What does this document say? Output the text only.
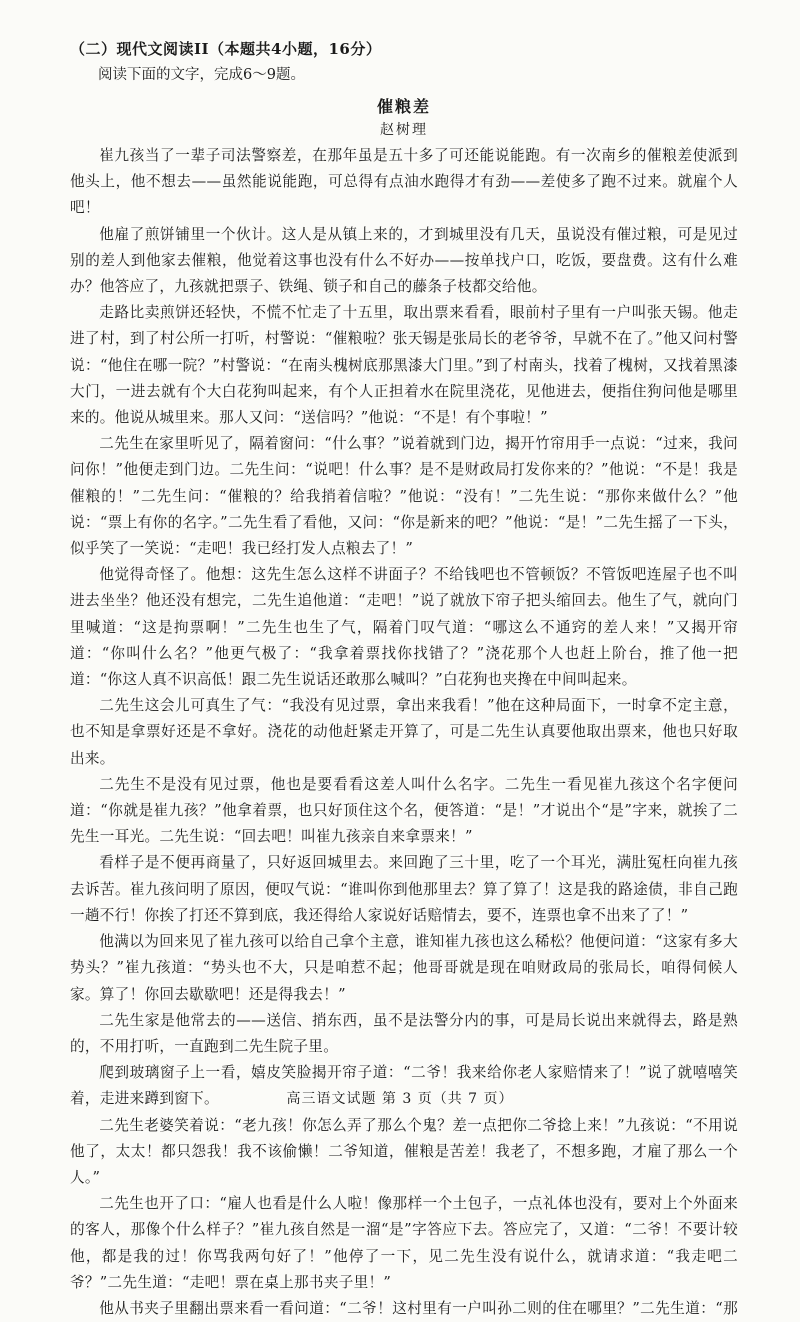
（二）现代文阅读II（本题共4小题，16分）
阅读下面的文字，完成6～9题。
催粮差
赵树理

崔九孩当了一辈子司法警察差，在那年虽是五十多了可还能说能跑。有一次南乡的催粮差使派到他头上，他不想去——虽然能说能跑，可总得有点油水跑得才有劲——差使多了跑不过来。就雇个人吧！

他雇了煎饼铺里一个伙计。这人是从镇上来的，才到城里没有几天，虽说没有催过粮，可是见过别的差人到他家去催粮，他觉着这事也没有什么不好办——按单找户口，吃饭，要盘费。这有什么难办？他答应了，九孩就把票子、铁绳、锁子和自己的藤条子枝都交给他。

走路比卖煎饼还轻快，不慌不忙走了十五里，取出票来看看，眼前村子里有一户叫张天锡。他走进了村，到了村公所一打听，村警说：“催粮啦？张天锡是张局长的老爷爷，早就不在了。”他又问村警说：“他住在哪一院？”村警说：“在南头槐树底那黑漆大门里。”到了村南头，找着了槐树，又找着黑漆大门，一进去就有个大白花狗叫起来，有个人正担着水在院里浇花，见他进去，便指住狗问他是哪里来的。他说从城里来。那人又问：“送信吗？”他说：“不是！有个事啦！”

二先生在家里听见了，隔着窗问：“什么事？”说着就到门边，揭开竹帘用手一点说：“过来，我问问你！”他便走到门边。二先生问：“说吧！什么事？是不是财政局打发你来的？”他说：“不是！我是催粮的！”二先生问：“催粮的？给我捎着信啦？”他说：“没有！”二先生说：“那你来做什么？”他说：“票上有你的名字。”二先生看了看他，又问：“你是新来的吧？”他说：“是！”二先生摇了一下头，似乎笑了一笑说：“走吧！我已经打发人点粮去了！”

他觉得奇怪了。他想：这先生怎么这样不讲面子？不给钱吧也不管顿饭？不管饭吧连屋子也不叫进去坐坐？他还没有想完，二先生追他道：“走吧！”说了就放下帘子把头缩回去。他生了气，就向门里喊道：“这是拘票啊！”二先生也生了气，隔着门叹气道：“哪这么不通窍的差人来！”又揭开帘道：“你叫什么名？”他更气极了：“我拿着票找你找错了？”浇花那个人也赶上阶台，推了他一把道：“你这人真不识高低！跟二先生说话还敢那么喊叫？”白花狗也夹搀在中间叫起来。

二先生这会儿可真生了气：“我没有见过票，拿出来我看！”他在这种局面下，一时拿不定主意，也不知是拿票好还是不拿好。浇花的动他赶紧走开算了，可是二先生认真要他取出票来，他也只好取出来。

二先生不是没有见过票，他也是要看看这差人叫什么名字。二先生一看见崔九孩这个名字便问道：“你就是崔九孩？”他拿着票，也只好顶住这个名，便答道：“是！”才说出个“是”字来，就挨了二先生一耳光。二先生说：“回去吧！叫崔九孩亲自来拿票来！”

看样子是不便再商量了，只好返回城里去。来回跑了三十里，吃了一个耳光，满肚冤枉向崔九孩去诉苦。崔九孩问明了原因，便叹气说：“谁叫你到他那里去？算了算了！这是我的路途债，非自己跑一趟不行！你挨了打还不算到底，我还得给人家说好话赔情去，要不，连票也拿不出来了了！”

他满以为回来见了崔九孩可以给自己拿个主意，谁知崔九孩也这么稀松？他便问道：“这家有多大势头？”崔九孩道：“势头也不大，只是咱惹不起；他哥哥就是现在咱财政局的张局长，咱得伺候人家。算了！你回去歇歇吧！还是得我去！”

二先生家是他常去的——送信、捎东西，虽不是法警分内的事，可是局长说出来就得去，路是熟的，不用打听，一直跑到二先生院子里。

爬到玻璃窗子上一看，嬉皮笑脸揭开帘子道：“二爷！我来给你老人家赔情来了！”说了就嘻嘻笑着，走进来蹲到窗下。

二先生老婆笑着说：“老九孩！你怎么弄了那么个鬼？差一点把你二爷捻上来！”九孩说：“不用说他了，太太！都只怨我！我不该偷懒！二爷知道，催粮是苦差！我老了，不想多跑，才雇了那么一个人。”

二先生也开了口：“雇人也看是什么人啦！像那样一个土包子，一点礼体也没有，要对上个外面来的客人，那像个什么样子？”崔九孩自然是一溜“是”字答应下去。答应完了，又道：“二爷！不要计较他，都是我的过！你骂我两句好了！”他停了一下，见二先生没有说什么，就请求道：“我走吧二爷？”二先生道：“走吧！票在桌上那书夹子里！”

他从书夹子里翻出票来看一看问道：“二爷！这村里有一户叫孙二则的住在哪里？”二先生道：“那

高三语文试题 第 3 页（共 7 页）
